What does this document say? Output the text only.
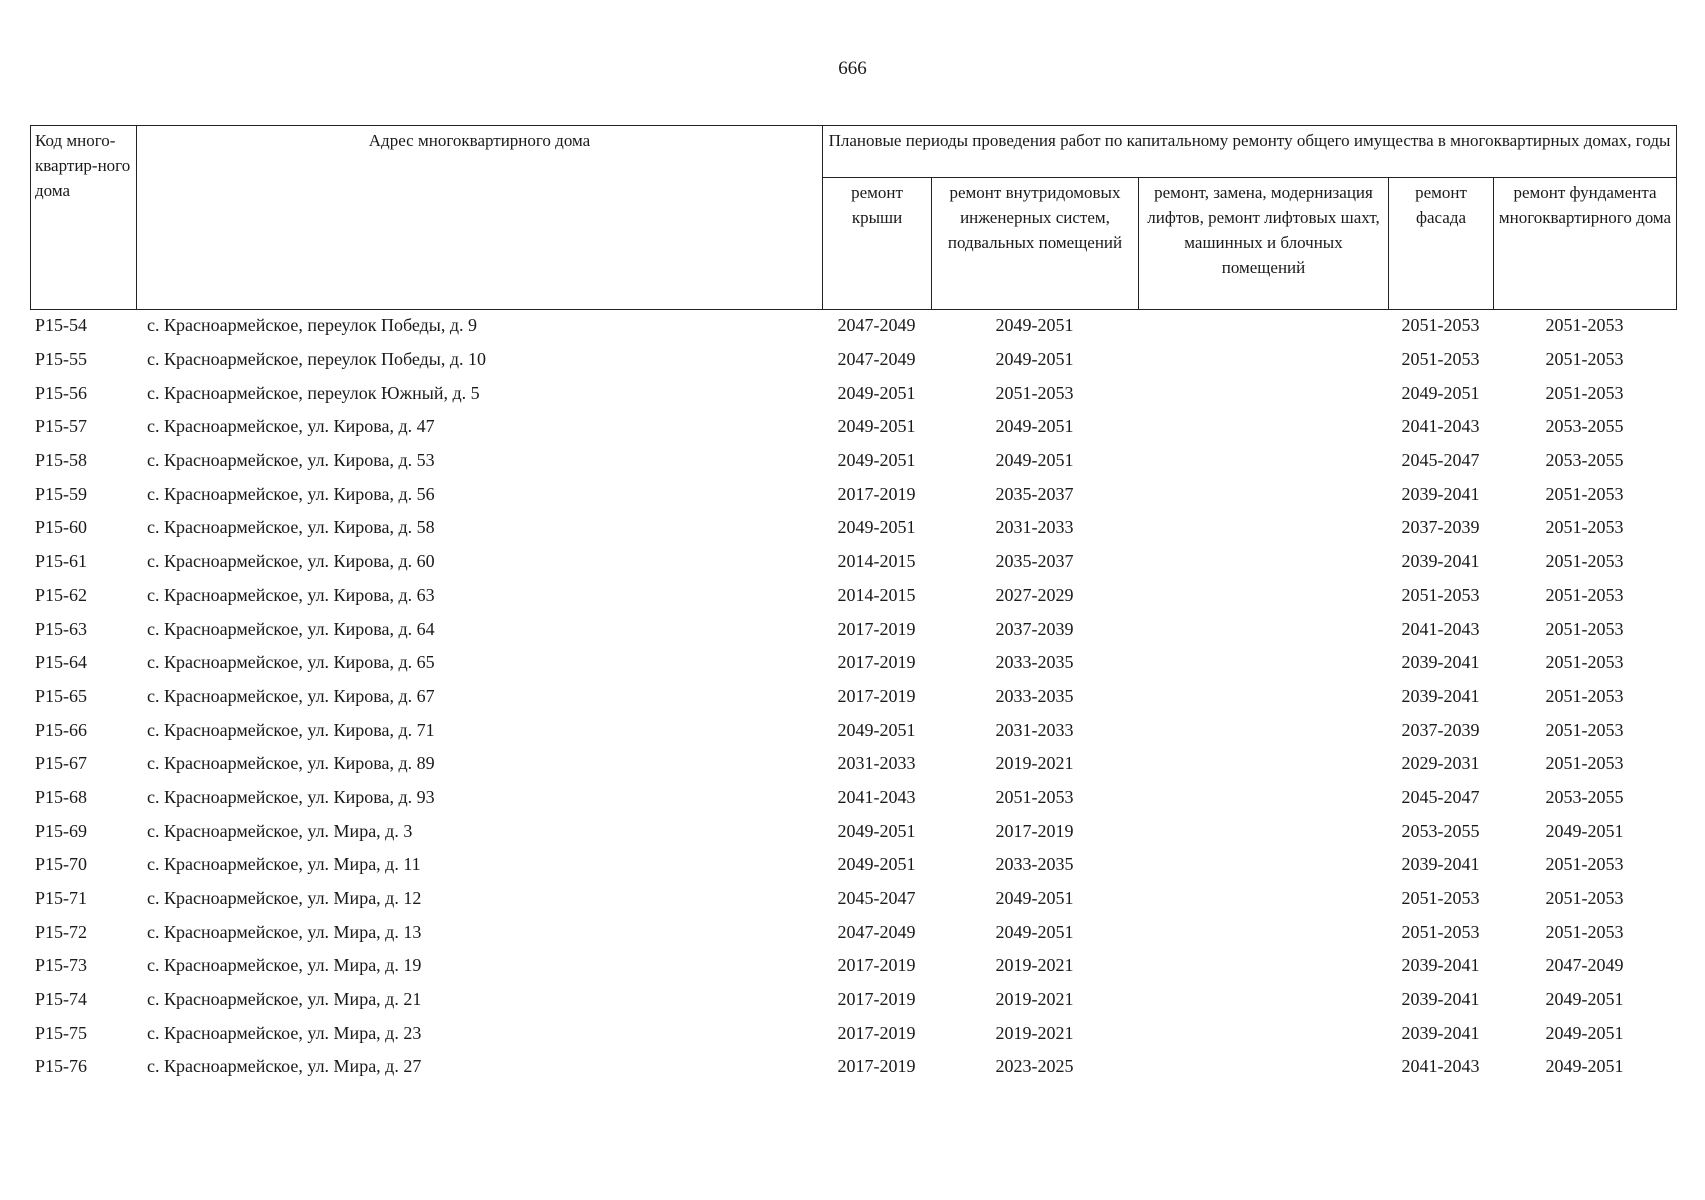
666
Код много-квартир-ного дома	Адрес многоквартирного дома	Плановые периоды проведения работ по капитальному ремонту общего имущества в многоквартирных домах, годы				
		ремонт крыши	ремонт внутридомовых инженерных систем, подвальных помещений	ремонт, замена, модернизация лифтов, ремонт лифтовых шахт, машинных и блочных помещений	ремонт фасада	ремонт фундамента многоквартирного дома
Р15-54	с. Красноармейское, переулок Победы, д. 9	2047-2049	2049-2051		2051-2053	2051-2053
Р15-55	с. Красноармейское, переулок Победы, д. 10	2047-2049	2049-2051		2051-2053	2051-2053
Р15-56	с. Красноармейское, переулок Южный, д. 5	2049-2051	2051-2053		2049-2051	2051-2053
Р15-57	с. Красноармейское, ул. Кирова, д. 47	2049-2051	2049-2051		2041-2043	2053-2055
Р15-58	с. Красноармейское, ул. Кирова, д. 53	2049-2051	2049-2051		2045-2047	2053-2055
Р15-59	с. Красноармейское, ул. Кирова, д. 56	2017-2019	2035-2037		2039-2041	2051-2053
Р15-60	с. Красноармейское, ул. Кирова, д. 58	2049-2051	2031-2033		2037-2039	2051-2053
Р15-61	с. Красноармейское, ул. Кирова, д. 60	2014-2015	2035-2037		2039-2041	2051-2053
Р15-62	с. Красноармейское, ул. Кирова, д. 63	2014-2015	2027-2029		2051-2053	2051-2053
Р15-63	с. Красноармейское, ул. Кирова, д. 64	2017-2019	2037-2039		2041-2043	2051-2053
Р15-64	с. Красноармейское, ул. Кирова, д. 65	2017-2019	2033-2035		2039-2041	2051-2053
Р15-65	с. Красноармейское, ул. Кирова, д. 67	2017-2019	2033-2035		2039-2041	2051-2053
Р15-66	с. Красноармейское, ул. Кирова, д. 71	2049-2051	2031-2033		2037-2039	2051-2053
Р15-67	с. Красноармейское, ул. Кирова, д. 89	2031-2033	2019-2021		2029-2031	2051-2053
Р15-68	с. Красноармейское, ул. Кирова, д. 93	2041-2043	2051-2053		2045-2047	2053-2055
Р15-69	с. Красноармейское, ул. Мира, д. 3	2049-2051	2017-2019		2053-2055	2049-2051
Р15-70	с. Красноармейское, ул. Мира, д. 11	2049-2051	2033-2035		2039-2041	2051-2053
Р15-71	с. Красноармейское, ул. Мира, д. 12	2045-2047	2049-2051		2051-2053	2051-2053
Р15-72	с. Красноармейское, ул. Мира, д. 13	2047-2049	2049-2051		2051-2053	2051-2053
Р15-73	с. Красноармейское, ул. Мира, д. 19	2017-2019	2019-2021		2039-2041	2047-2049
Р15-74	с. Красноармейское, ул. Мира, д. 21	2017-2019	2019-2021		2039-2041	2049-2051
Р15-75	с. Красноармейское, ул. Мира, д. 23	2017-2019	2019-2021		2039-2041	2049-2051
Р15-76	с. Красноармейское, ул. Мира, д. 27	2017-2019	2023-2025		2041-2043	2049-2051
